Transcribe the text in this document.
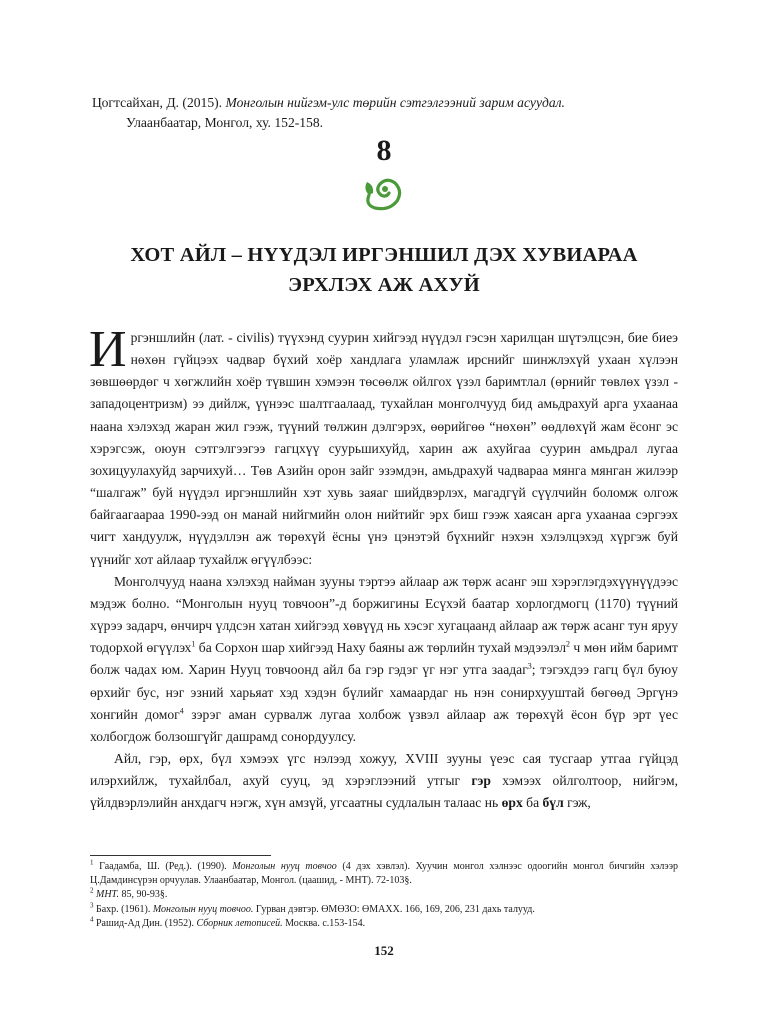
Цогтсайхан, Д. (2015). Монголын нийгэм-улс төрийн сэтгэлгээний зарим асуудал.
Улаанбаатар, Монгол, ху. 152-158.
8
ХОТ АЙЛ – НҮҮДЭЛ ИРГЭНШИЛ ДЭХ ХУВИАРАА
ЭРХЛЭХ АЖ АХУЙ

Иргэншлийн (лат. - civilis) түүхэнд суурин хийгээд нүүдэл гэсэн харилцан шүтэлцсэн, бие биеэ нөхөн гүйцээх чадвар бүхий хоёр хандлага уламлаж ирснийг шинжлэхүй ухаан хүлээн зөвшөөрдөг ч хөгжлийн хоёр түвшин хэмээн төсөөлж ойлгох үзэл баримтлал (өрнийг төвлөх үзэл - западоцентризм) ээ дийлж, үүнээс шалтгаалаад, тухайлан монголчууд бид амьдрахуй арга ухаанаа наана хэлэхэд жаран жил гээж, түүний төлжин дэлгэрэх, өөрийгөө “нөхөн” өөдлөхүй жам ёсонг эс хэрэгсэж, оюун сэтгэлгээгээ гагцхүү суурьшихуйд, харин аж ахуйгаа суурин амьдрал лугаа зохицуулахуйд зарчихуй… Төв Азийн орон зайг эзэмдэн, амьдрахуй чадвараа мянга мянган жилээр “шалгаж” буй нүүдэл иргэншлийн хэт хувь заяаг шийдвэрлэх, магадгүй сүүлчийн боломж олгож байгаагаараа 1990-ээд он манай нийгмийн олон нийтийг эрх биш гээж хаясан арга ухаанаа сэргээх чигт хандуулж, нүүдэллэн аж төрөхүй ёсны үнэ цэнэтэй бүхнийг нэхэн хэлэлцэхэд хүргэж буй үүнийг хот айлаар тухайлж өгүүлбээс:

Монголчууд наана хэлэхэд найман зууны тэртээ айлаар аж төрж асанг эш хэрэглэгдэхүүнүүдээс мэдэж болно. “Монголын нууц товчоон”-д боржигины Есүхэй баатар хорлогдмогц (1170) түүний хүрээ задарч, өнчирч үлдсэн хатан хийгээд хөвүүд нь хэсэг хугацаанд айлаар аж төрж асанг тун яруу тодорхой өгүүлэх$^1$ ба Сорхон шар хийгээд Наху баяны аж төрлийн тухай мэдээлэл$^2$ ч мөн ийм баримт болж чадах юм. Харин Нууц товчоонд айл ба гэр гэдэг үг нэг утга заадаг$^3$; тэгэхдээ гагц бүл буюу өрхийг бус, нэг эзний харьяат хэд хэдэн бүлийг хамаардаг нь нэн сонирхууштай бөгөөд Эргүнэ хонгийн домог$^4$ зэрэг аман сурвалж лугаа холбож үзвэл айлаар аж төрөхүй ёсон бүр эрт үес холбогдож болзошгүйг дашрамд сонордуулсу.

Айл, гэр, өрх, бүл хэмээх үгс нэлээд хожуу, XVIII зууны үеэс сая тусгаар утгаа гүйцэд илэрхийлж, тухайлбал, ахуй сууц, эд хэрэглээний утгыг гэр хэмээх ойлголтоор, нийгэм, үйлдвэрлэлийн анхдагч нэгж, хүн амзүй, угсаатны судлалын талаас нь өрх ба бүл гэж,

$^1$ Гаадамба, Ш. (Ред.). (1990). Монголын нууц товчоо (4 дэх хэвлэл). Хуучин монгол хэлнээс одоогийн монгол бичгийн хэлээр Ц.Дамдинсүрэн орчуулав. Улаанбаатар, Монгол. (цаашид, - МНТ). 72-103§.

$^2$ МНТ. 85, 90-93§.

$^3$ Бахр. (1961). Монголын нууц товчоо. Гурван дэвтэр. ӨМӨЗО: ӨМАХХ. 166, 169, 206, 231 дахь талууд.

$^4$ Рашид-Ад Дин. (1952). Сборник летописей. Москва. с.153-154.

152
